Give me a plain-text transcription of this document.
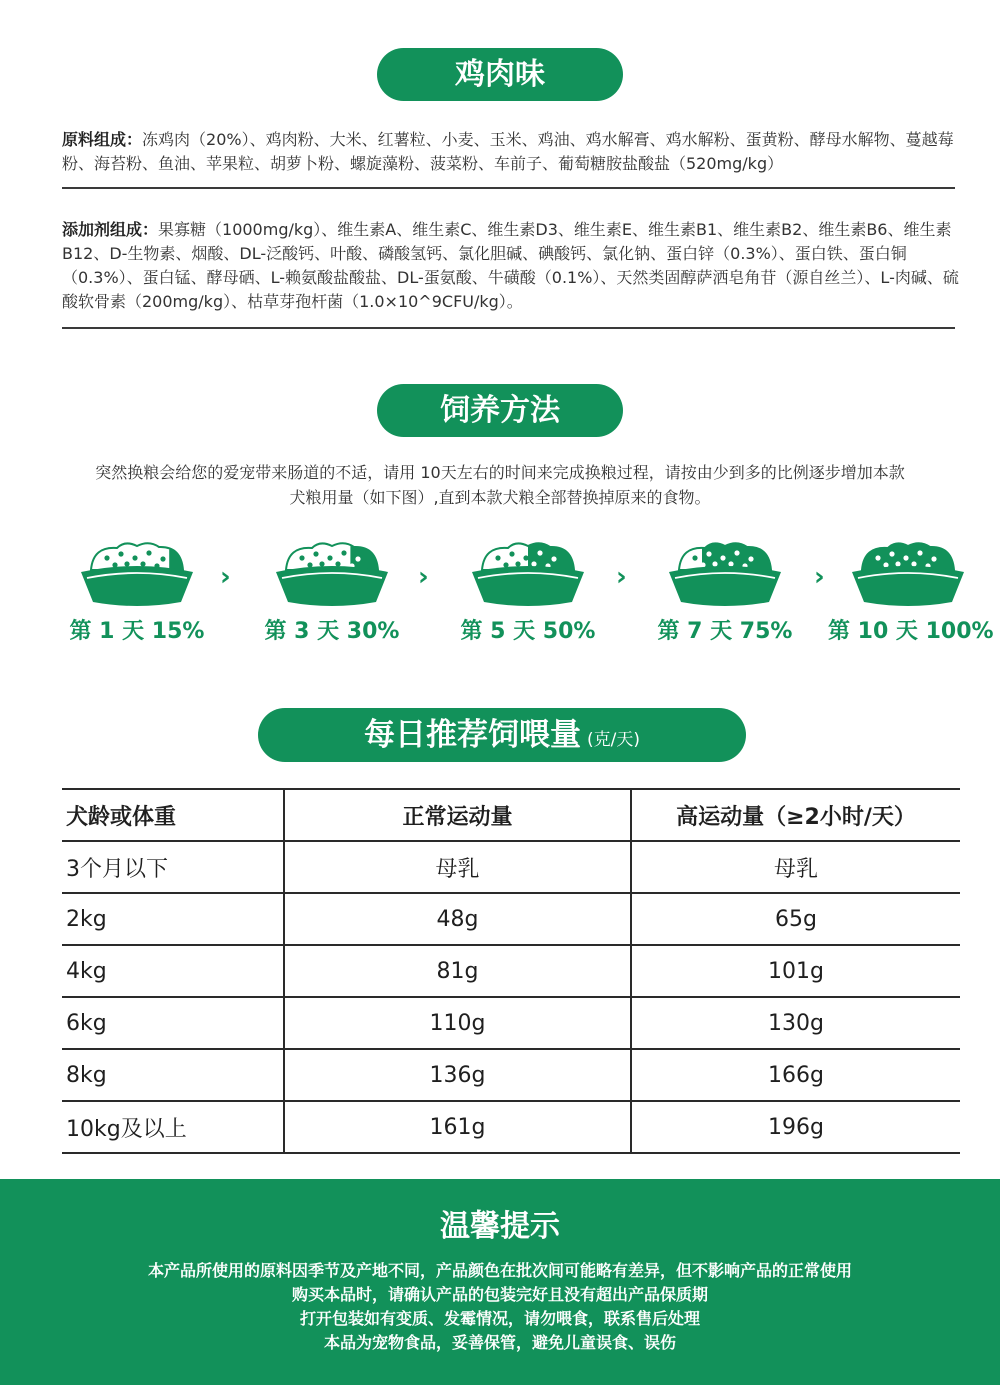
鸡肉味
原料组成：冻鸡肉（20%）、鸡肉粉、大米、红薯粒、小麦、玉米、鸡油、鸡水解膏、鸡水解粉、蛋黄粉、酵母水解物、蔓越莓粉、海苔粉、鱼油、苹果粒、胡萝卜粉、螺旋藻粉、菠菜粉、车前子、葡萄糖胺盐酸盐（520mg/kg）
添加剂组成：果寡糖（1000mg/kg）、维生素A、维生素C、维生素D3、维生素E、维生素B1、维生素B2、维生素B6、维生素B12、D-生物素、烟酸、DL-泛酸钙、叶酸、磷酸氢钙、氯化胆碱、碘酸钙、氯化钠、蛋白锌（0.3%）、蛋白铁、蛋白铜（0.3%）、蛋白锰、酵母硒、L-赖氨酸盐酸盐、DL-蛋氨酸、牛磺酸（0.1%）、天然类固醇萨洒皂角苷（源自丝兰）、L-肉碱、硫酸软骨素（200mg/kg）、枯草芽孢杆菌（1.0×10^9CFU/kg）。
饲养方法
突然换粮会给您的爱宠带来肠道的不适，请用 10天左右的时间来完成换粮过程，请按由少到多的比例逐步增加本款
犬粮用量（如下图）,直到本款犬粮全部替换掉原来的食物。
第 1 天 15%
›
第 3 天 30%
›
第 5 天 50%
›
第 7 天 75%
›
第 10 天 100%
每日推荐饲喂量 (克/天)
犬龄或体重	正常运动量	高运动量（≥2小时/天）
3个月以下	母乳	母乳
2kg	48g	65g
4kg	81g	101g
6kg	110g	130g
8kg	136g	166g
10kg及以上	161g	196g
温馨提示
本产品所使用的原料因季节及产地不同，产品颜色在批次间可能略有差异，但不影响产品的正常使用
购买本品时，请确认产品的包装完好且没有超出产品保质期
打开包装如有变质、发霉情况，请勿喂食，联系售后处理
本品为宠物食品，妥善保管，避免儿童误食、误伤
